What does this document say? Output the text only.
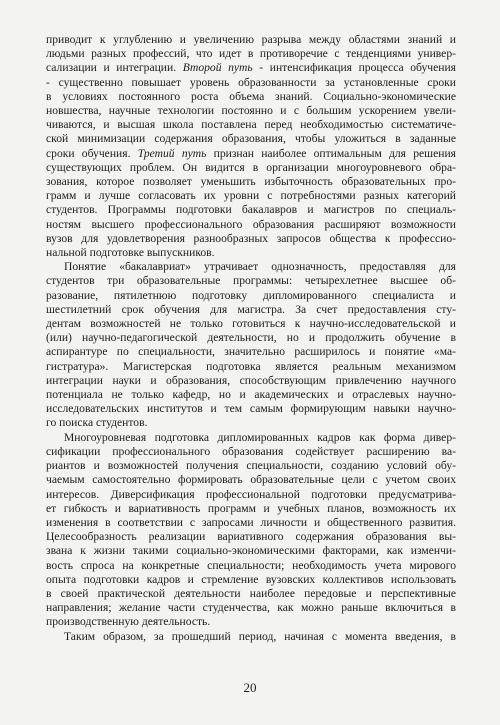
приводит к углублению и увеличению разрыва между областями знаний и
людьми разных профессий, что идет в противоречие с тенденциями универ-
сализации и интеграции. Второй путь - интенсификация процесса обучения
- существенно повышает уровень образованности за установленные сроки
в условиях постоянного роста объема знаний. Социально-экономические
новшества, научные технологии постоянно и с большим ускорением увели-
чиваются, и высшая школа поставлена перед необходимостью систематиче-
ской минимизации содержания образования, чтобы уложиться в заданные
сроки обучения. Третий путь признан наиболее оптимальным для решения
существующих проблем. Он видится в организации многоуровневого обра-
зования, которое позволяет уменьшить избыточность образовательных про-
грамм и лучше согласовать их уровни с потребностями разных категорий
студентов. Программы подготовки бакалавров и магистров по специаль-
ностям высшего профессионального образования расширяют возможности
вузов для удовлетворения разнообразных запросов общества к профессио-
нальной подготовке выпускников.

Понятие «бакалавриат» утрачивает однозначность, предоставляя для
студентов три образовательные программы: четырехлетнее высшее об-
разование, пятилетнюю подготовку дипломированного специалиста и
шестилетний срок обучения для магистра. За счет предоставления сту-
дентам возможностей не только готовиться к научно-исследовательской и
(или) научно-педагогической деятельности, но и продолжить обучение в
аспирантуре по специальности, значительно расширилось и понятие «ма-
гистратура». Магистерская подготовка является реальным механизмом
интеграции науки и образования, способствующим привлечению научного
потенциала не только кафедр, но и академических и отраслевых научно-
исследовательских институтов и тем самым формирующим навыки научно-
го поиска студентов.

Многоуровневая подготовка дипломированных кадров как форма дивер-
сификации профессионального образования содействует расширению ва-
риантов и возможностей получения специальности, созданию условий обу-
чаемым самостоятельно формировать образовательные цели с учетом своих
интересов. Диверсификация профессиональной подготовки предусматрива-
ет гибкость и вариативность программ и учебных планов, возможность их
изменения в соответствии с запросами личности и общественного развития.
Целесообразность реализации вариативного содержания образования вы-
звана к жизни такими социально-экономическими факторами, как изменчи-
вость спроса на конкретные специальности; необходимость учета мирового
опыта подготовки кадров и стремление вузовских коллективов использовать
в своей практической деятельности наиболее передовые и перспективные
направления; желание части студенчества, как можно раньше включиться в
производственную деятельность.

Таким образом, за прошедший период, начиная с момента введения, в

20
